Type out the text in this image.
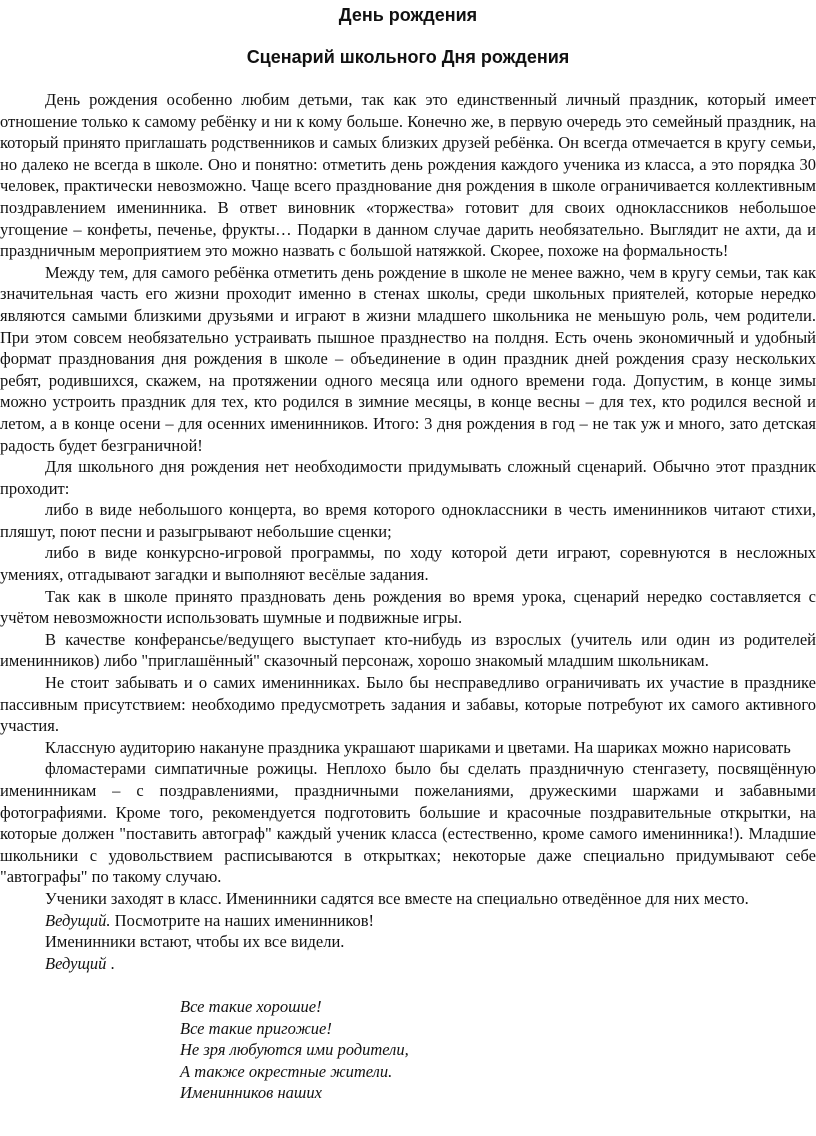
День рождения
Сценарий школьного Дня рождения

День рождения особенно любим детьми, так как это единственный личный праздник, который имеет отношение только к самому ребёнку и ни к кому больше. Конечно же, в первую очередь это семейный праздник, на который принято приглашать родственников и самых близких друзей ребёнка. Он всегда отмечается в кругу семьи, но далеко не всегда в школе. Оно и понятно: отметить день рождения каждого ученика из класса, а это порядка 30 человек, практически невозможно. Чаще всего празднование дня рождения в школе ограничивается коллективным поздравлением именинника. В ответ виновник «торжества» готовит для своих одноклассников небольшое угощение – конфеты, печенье, фрукты… Подарки в данном случае дарить необязательно. Выглядит не ахти, да и праздничным мероприятием это можно назвать с большой натяжкой. Скорее, похоже на формальность!

Между тем, для самого ребёнка отметить день рождение в школе не менее важно, чем в кругу семьи, так как значительная часть его жизни проходит именно в стенах школы, среди школьных приятелей, которые нередко являются самыми близкими друзьями и играют в жизни младшего школьника не меньшую роль, чем родители. При этом совсем необязательно устраивать пышное празднество на полдня. Есть очень экономичный и удобный формат празднования дня рождения в школе – объединение в один праздник дней рождения сразу нескольких ребят, родившихся, скажем, на протяжении одного месяца или одного времени года. Допустим, в конце зимы можно устроить праздник для тех, кто родился в зимние месяцы, в конце весны – для тех, кто родился весной и летом, а в конце осени – для осенних именинников. Итого: 3 дня рождения в год – не так уж и много, зато детская радость будет безграничной!

Для школьного дня рождения нет необходимости придумывать сложный сценарий. Обычно этот праздник проходит:

либо в виде небольшого концерта, во время которого одноклассники в честь именинников читают стихи, пляшут, поют песни и разыгрывают небольшие сценки;

либо в виде конкурсно-игровой программы, по ходу которой дети играют, соревнуются в несложных умениях, отгадывают загадки и выполняют весёлые задания.

Так как в школе принято праздновать день рождения во время урока, сценарий нередко составляется с учётом невозможности использовать шумные и подвижные игры.

В качестве конферансье/ведущего выступает кто-нибудь из взрослых (учитель или один из родителей именинников) либо "приглашённый" сказочный персонаж, хорошо знакомый младшим школьникам.

Не стоит забывать и о самих именинниках. Было бы несправедливо ограничивать их участие в празднике пассивным присутствием: необходимо предусмотреть задания и забавы, которые потребуют их самого активного участия.

Классную аудиторию накануне праздника украшают шариками и цветами. На шариках можно нарисовать

фломастерами симпатичные рожицы. Неплохо было бы сделать праздничную стенгазету, посвящённую именинникам – с поздравлениями, праздничными пожеланиями, дружескими шаржами и забавными фотографиями. Кроме того, рекомендуется подготовить большие и красочные поздравительные открытки, на которые должен "поставить автограф" каждый ученик класса (естественно, кроме самого именинника!). Младшие школьники с удовольствием расписываются в открытках; некоторые даже специально придумывают себе "автографы" по такому случаю.

Ученики заходят в класс. Именинники садятся все вместе на специально отведённое для них место.

Ведущий. Посмотрите на наших именинников!

Именинники встают, чтобы их все видели.

Ведущий .

Все такие хорошие!
Все такие пригожие!
Не зря любуются ими родители,
А также окрестные жители.
Именинников наших
